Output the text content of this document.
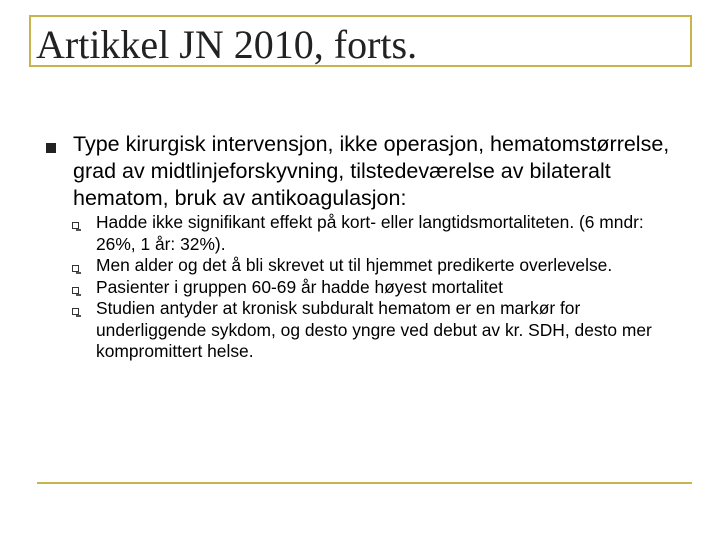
Artikkel JN 2010, forts.
Type kirurgisk intervensjon, ikke operasjon, hematomstørrelse, grad av midtlinjeforskyvning, tilstedeværelse av bilateralt hematom, bruk av antikoagulasjon:
Hadde ikke signifikant effekt på kort- eller langtidsmortaliteten. (6 mndr: 26%, 1 år: 32%).
Men alder og det å bli skrevet ut til hjemmet predikerte overlevelse.
Pasienter i gruppen 60-69 år hadde høyest mortalitet
Studien antyder at kronisk subduralt hematom er en markør for underliggende sykdom, og desto yngre ved debut av kr. SDH, desto mer kompromittert helse.
